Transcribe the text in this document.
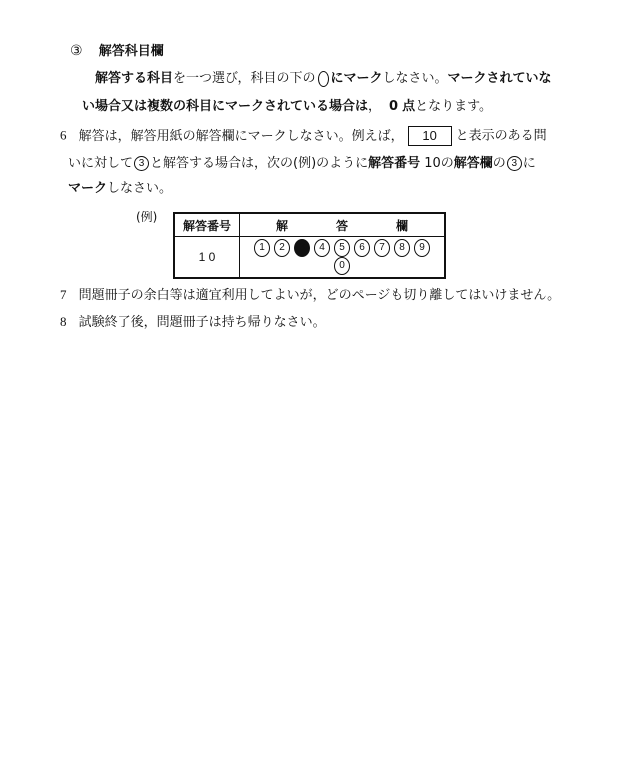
③ 解答科目欄
解答する科目を一つ選び，科目の下の にマークしなさい。マークされていな
い場合又は複数の科目にマークされている場合は， 0 点となります。
6 解答は，解答用紙の解答欄にマークしなさい。例えば， 10 と表示のある問
いに対して 3 と解答する場合は，次の(例)のように解答番号 10の解答欄の 3 に
マークしなさい。
(例)
解答番号	解 答 欄
1 0	1 2 3 4 5 6 7 8 90
7 問題冊子の余白等は適宜利用してよいが，どのページも切り離してはいけません。
8 試験終了後，問題冊子は持ち帰りなさい。
